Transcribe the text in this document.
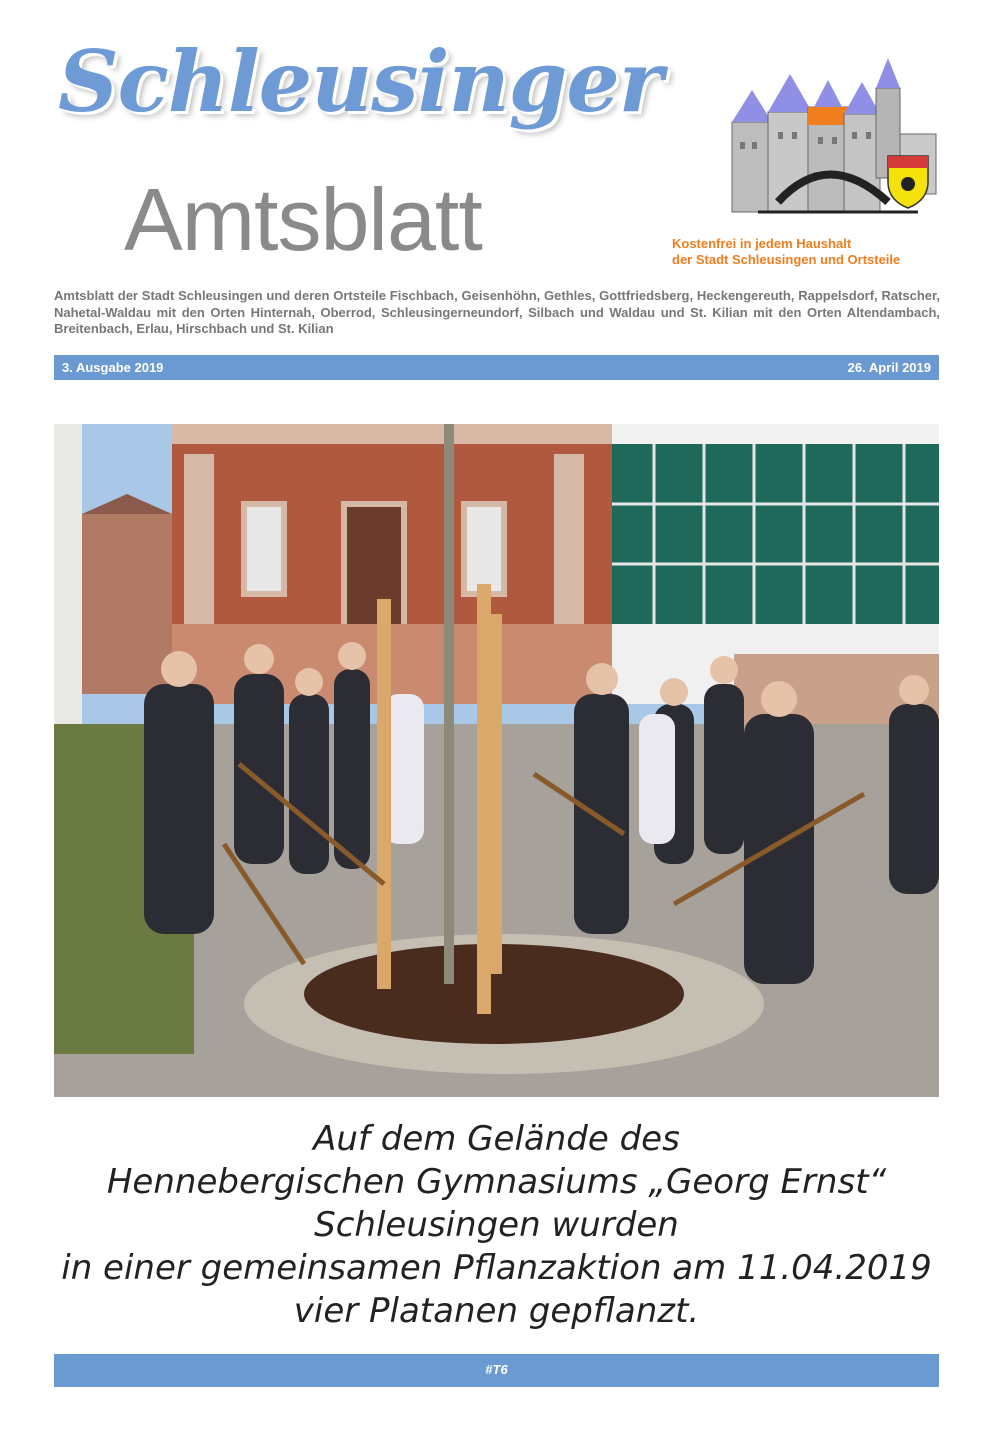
Schleusinger
Amtsblatt	Kostenfrei in jedem Haushalt
der Stadt Schleusingen und Ortsteile
Amtsblatt der Stadt Schleusingen und deren Ortsteile Fischbach, Geisenhöhn, Gethles, Gottfriedsberg, Heckengereuth, Rappelsdorf, Ratscher, Nahetal-Waldau mit den Orten Hinternah, Oberrod, Schleusingerneundorf, Silbach und Waldau und St. Kilian mit den Orten Altendambach, Breitenbach, Erlau, Hirschbach und St. Kilian
3. Ausgabe 2019	26. April 2019
Auf dem Gelände des
Hennebergischen Gymnasiums „Georg Ernst“
Schleusingen wurden
in einer gemeinsamen Pflanzaktion am 11.04.2019
vier Platanen gepflanzt.
#T6
